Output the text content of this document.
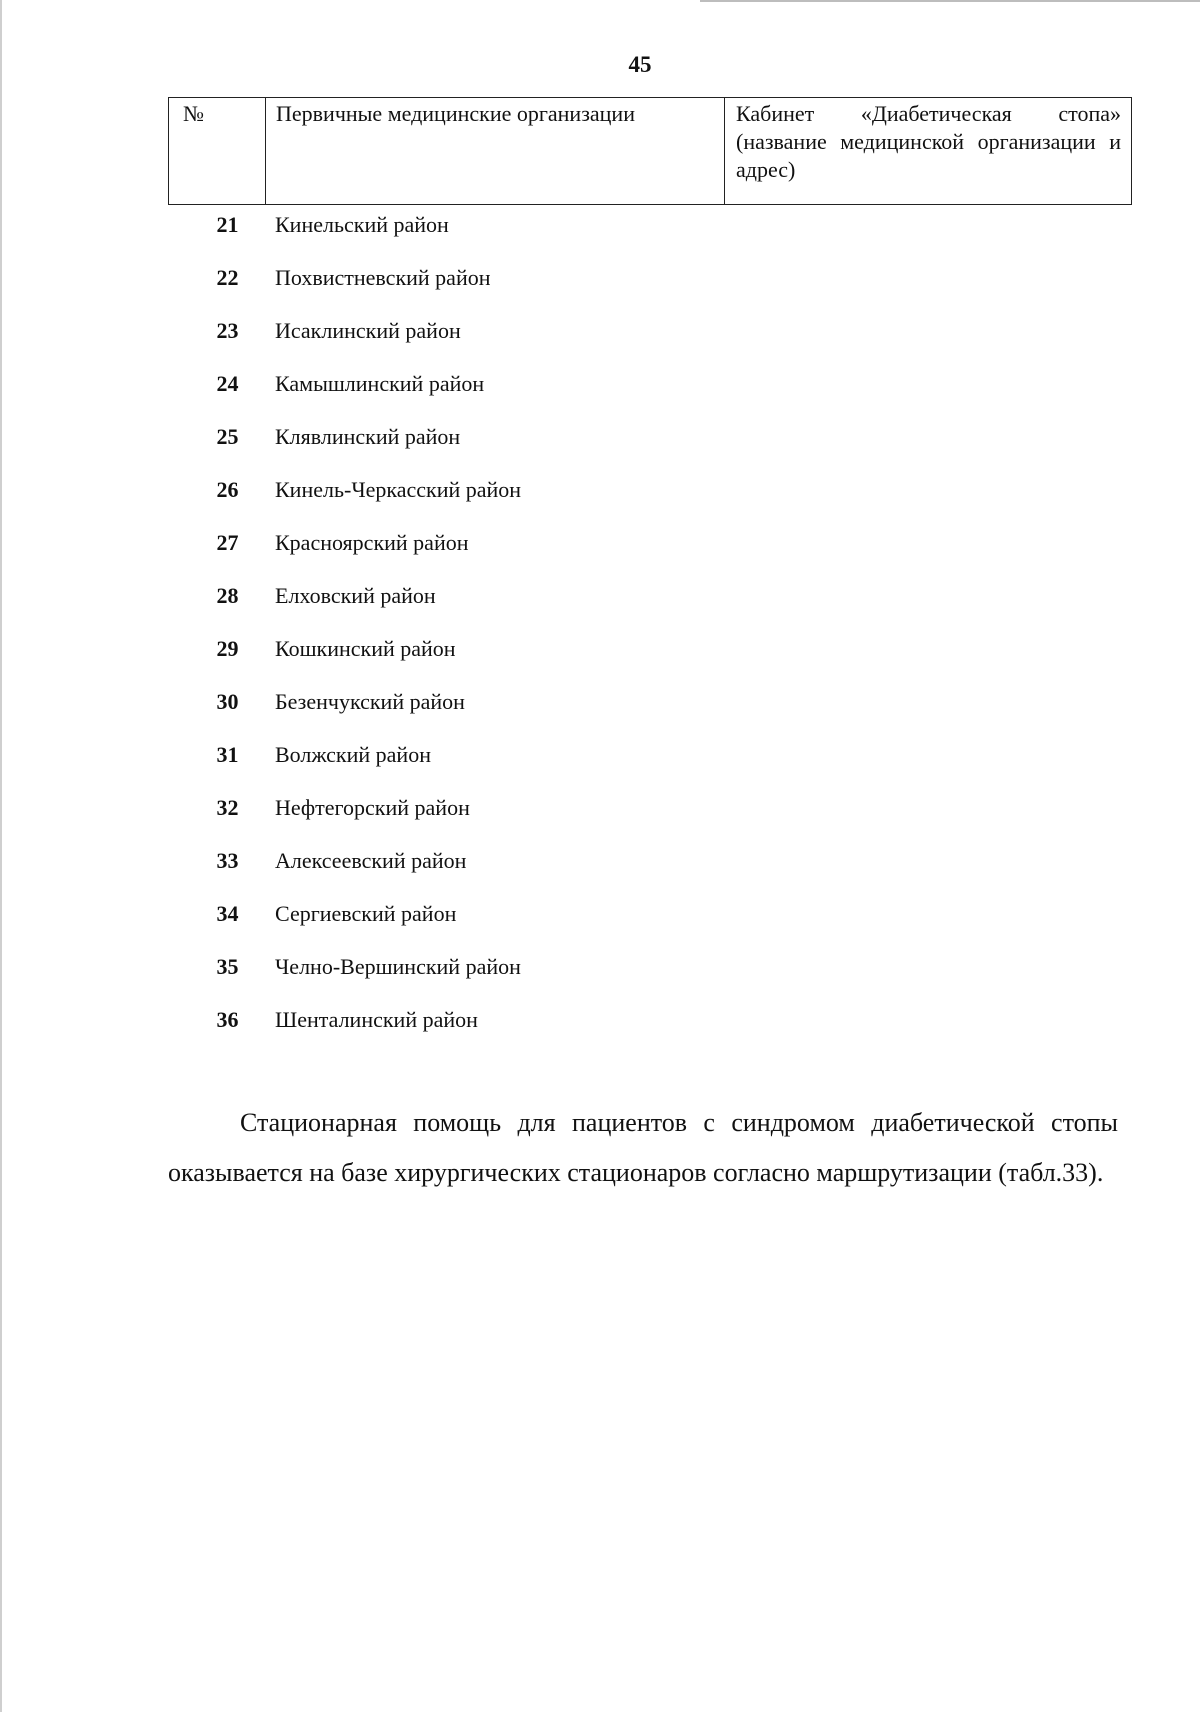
45
№	Первичные медицинские организации	Кабинет «Диабетическая стопа» (название медицинской организации и адрес)
21	Кинельский район
22	Похвистневский район
23	Исаклинский район
24	Камышлинский район
25	Клявлинский район
26	Кинель-Черкасский район
27	Красноярский район
28	Елховский район
29	Кошкинский район
30	Безенчукский район
31	Волжский район
32	Нефтегорский район
33	Алексеевский район
34	Сергиевский район
35	Челно-Вершинский район
36	Шенталинский район
Стационарная помощь для пациентов с синдромом диабетической стопы оказывается на базе хирургических стационаров согласно маршрутизации (табл.33).
